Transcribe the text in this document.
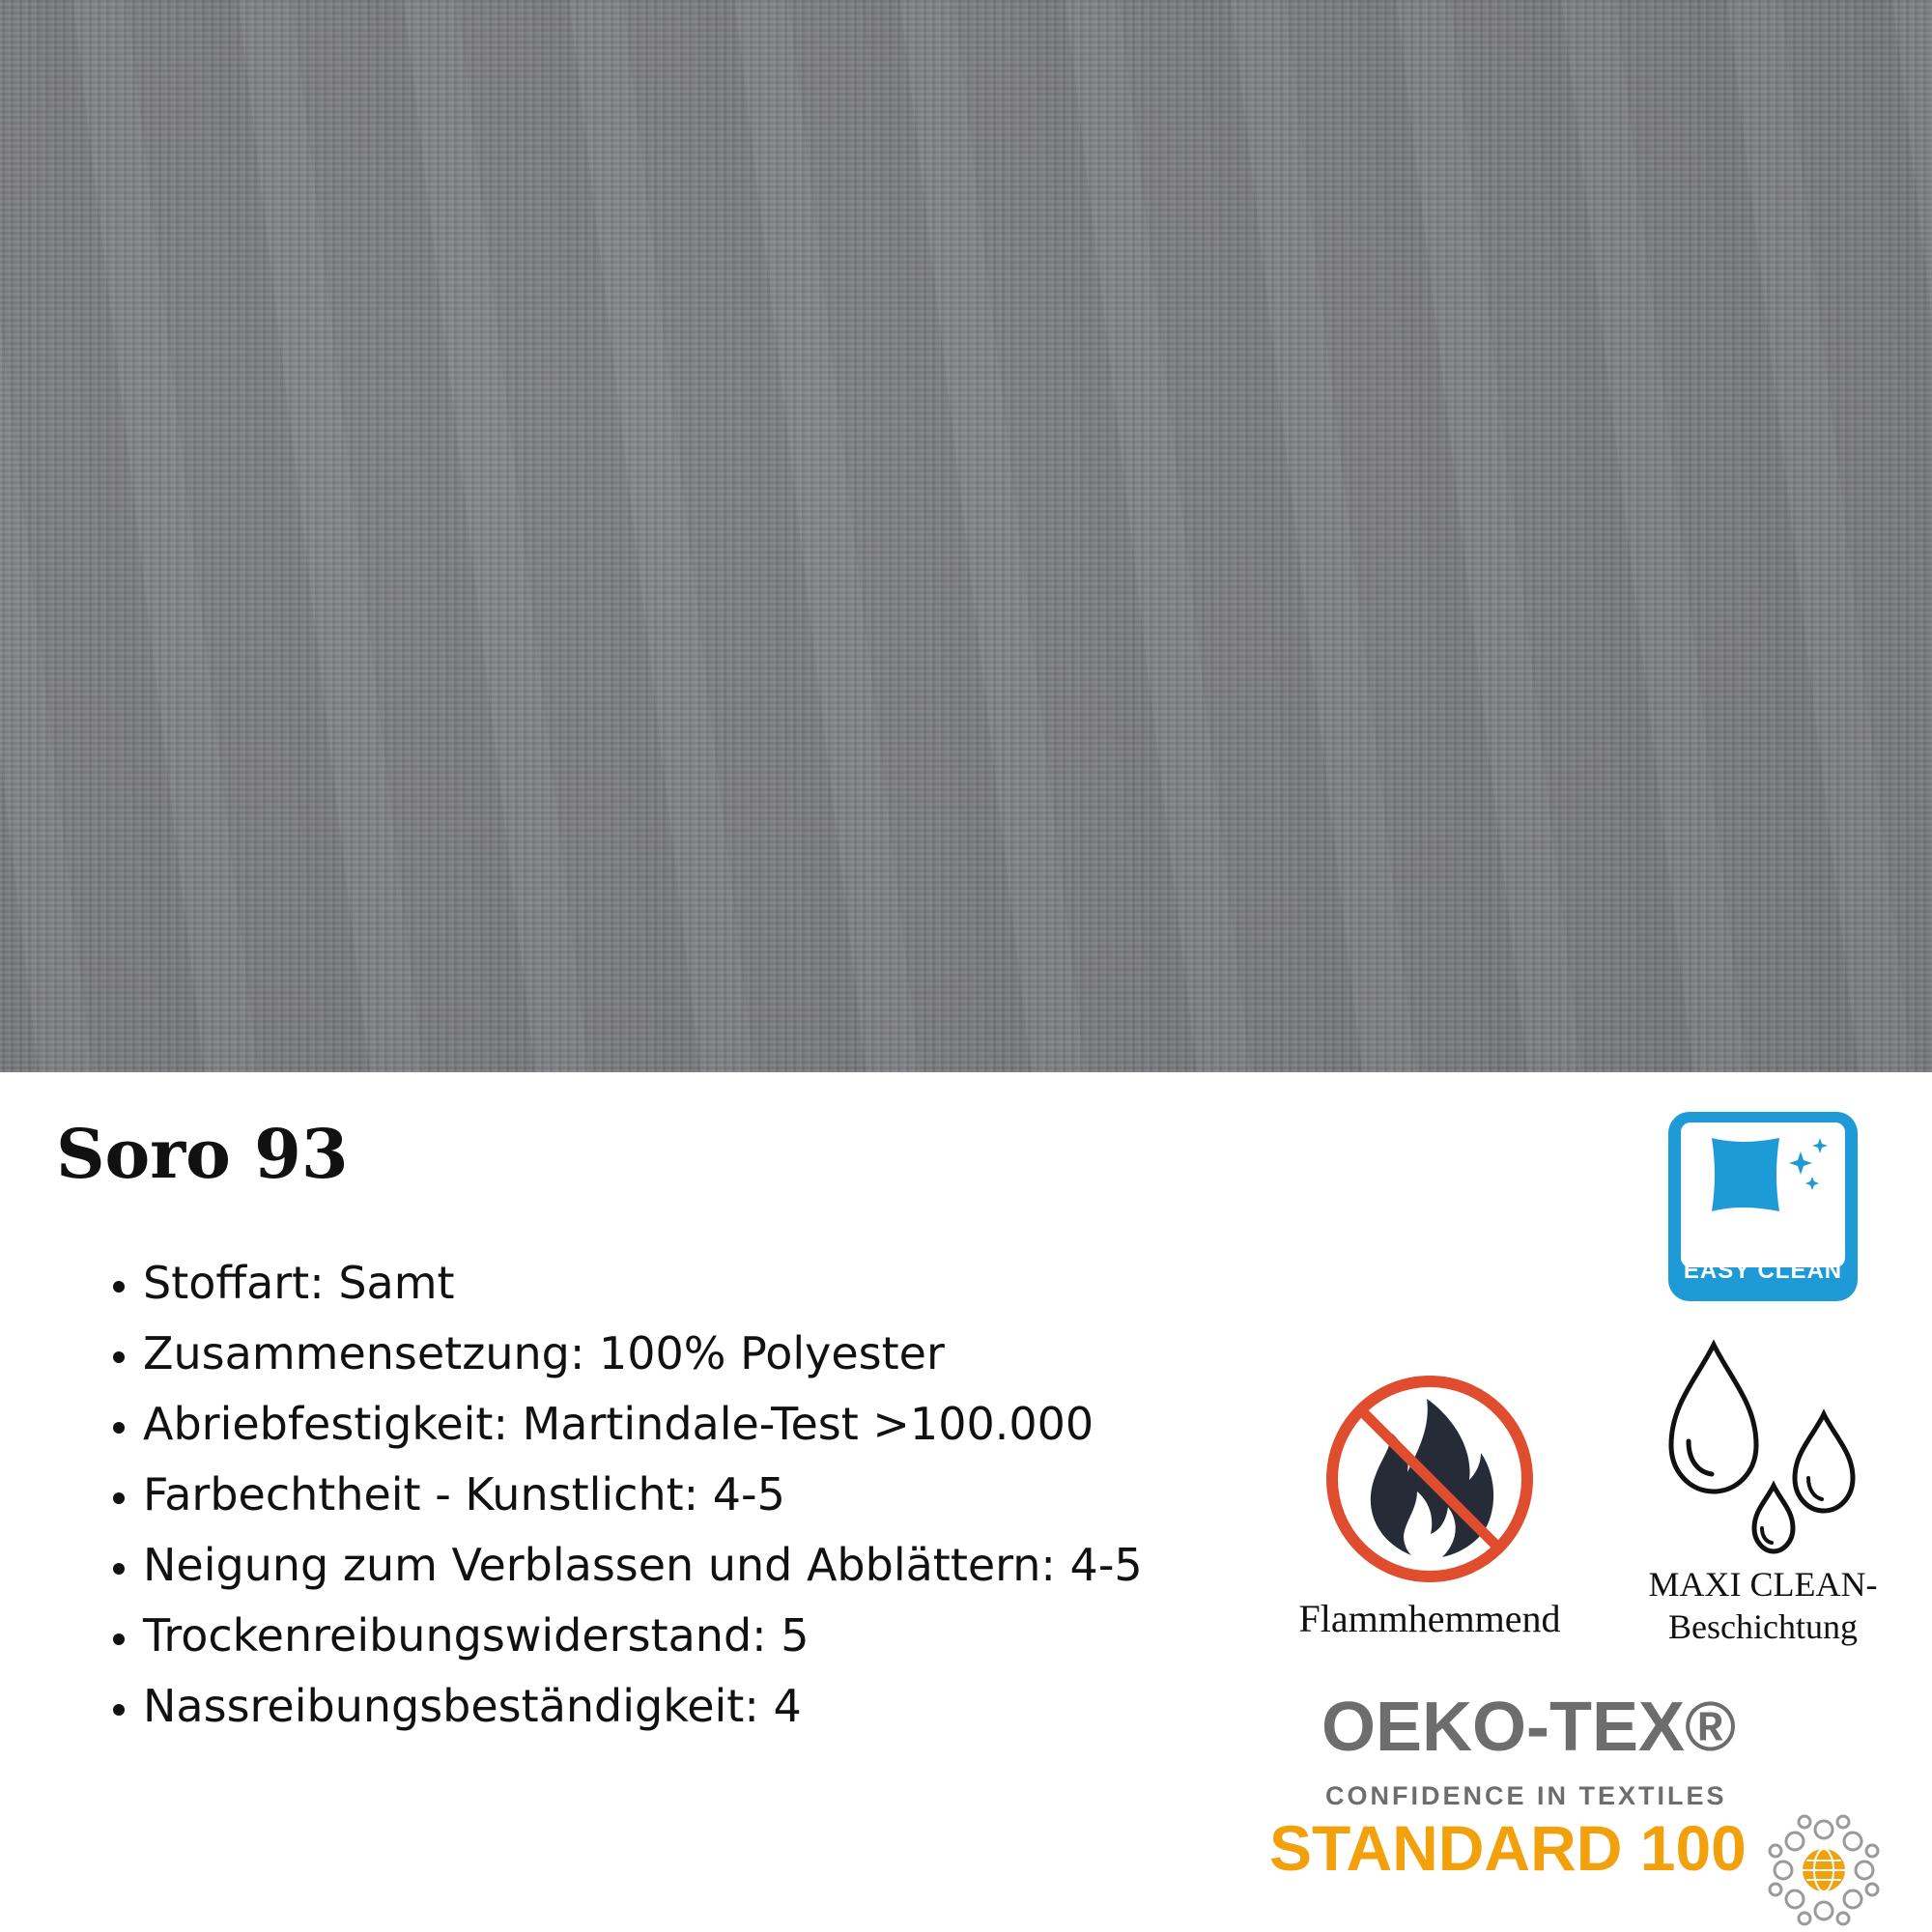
Soro 93
• Stoffart: Samt
• Zusammensetzung: 100% Polyester
• Abriebfestigkeit: Martindale-Test >100.000
• Farbechtheit - Kunstlicht: 4-5
• Neigung zum Verblassen und Abblättern: 4-5
• Trockenreibungswiderstand: 5
• Nassreibungsbeständigkeit: 4
EASY CLEAN
Flammhemmend
MAXI CLEAN-
Beschichtung

OEKO-TEX®

CONFIDENCE IN TEXTILES

STANDARD 100
